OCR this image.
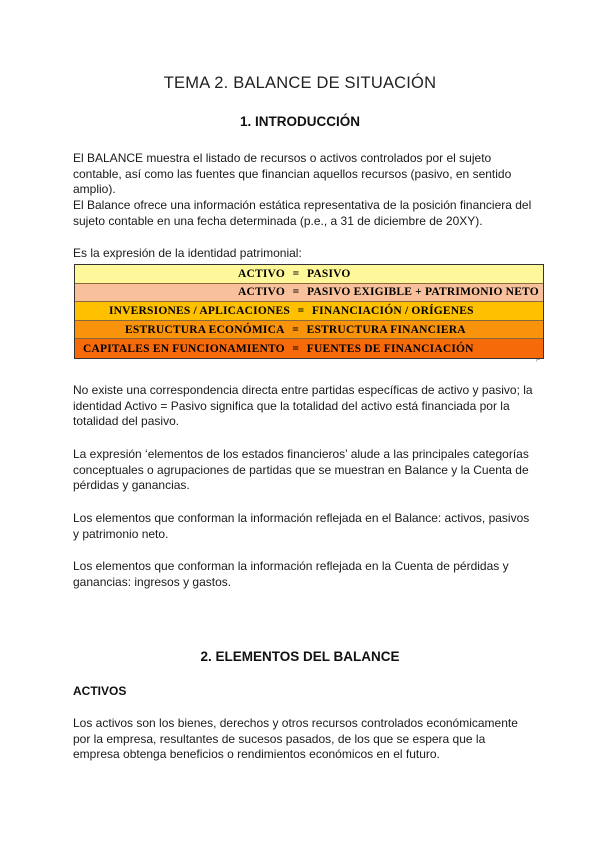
TEMA 2. BALANCE DE SITUACIÓN
1. INTRODUCCIÓN

El BALANCE muestra el listado de recursos o activos controlados por el sujeto contable, así como las fuentes que financian aquellos recursos (pasivo, en sentido amplio).

El Balance ofrece una información estática representativa de la posición financiera del sujeto contable en una fecha determinada (p.e., a 31 de diciembre de 20XY).

Es la expresión de la identidad patrimonial:

ACTIVO = PASIVO
ACTIVO = PASIVO EXIGIBLE + PATRIMONIO NETO
INVERSIONES / APLICACIONES = FINANCIACIÓN / ORÍGENES
ESTRUCTURA ECONÓMICA = ESTRUCTURA FINANCIERA
CAPITALES EN FUNCIONAMIENTO = FUENTES DE FINANCIACIÓN
⌐

No existe una correspondencia directa entre partidas específicas de activo y pasivo; la identidad Activo = Pasivo significa que la totalidad del activo está financiada por la totalidad del pasivo.

La expresión ‘elementos de los estados financieros’ alude a las principales categorías conceptuales o agrupaciones de partidas que se muestran en Balance y la Cuenta de pérdidas y ganancias.

Los elementos que conforman la información reflejada en el Balance: activos, pasivos y patrimonio neto.

Los elementos que conforman la información reflejada en la Cuenta de pérdidas y ganancias: ingresos y gastos.

2. ELEMENTOS DEL BALANCE
ACTIVOS

Los activos son los bienes, derechos y otros recursos controlados económicamente por la empresa, resultantes de sucesos pasados, de los que se espera que la empresa obtenga beneficios o rendimientos económicos en el futuro.
